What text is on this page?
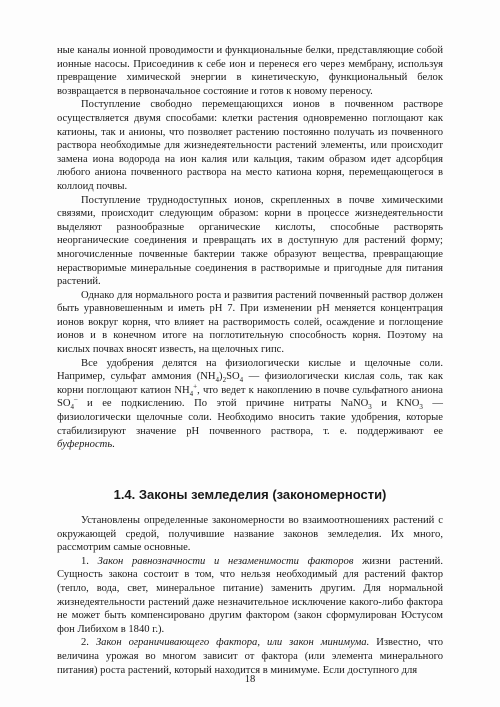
ные каналы ионной проводимости и функциональные белки, представляющие собой ионные насосы. Присоединив к себе ион и перенеся его через мембрану, используя превращение химической энергии в кинетическую, функциональный белок возвращается в первоначальное состояние и готов к новому переносу.

Поступление свободно перемещающихся ионов в почвенном растворе осуществляется двумя способами: клетки растения одновременно поглощают как катионы, так и анионы, что позволяет растению постоянно получать из почвенного раствора необходимые для жизнедеятельности растений элементы, или происходит замена иона водорода на ион калия или кальция, таким образом идет адсорбция любого аниона почвенного раствора на место катиона корня, перемещающегося в коллоид почвы.

Поступление труднодоступных ионов, скрепленных в почве химическими связями, происходит следующим образом: корни в процессе жизнедеятельности выделяют разнообразные органические кислоты, способные растворять неорганические соединения и превращать их в доступную для растений форму; многочисленные почвенные бактерии также образуют вещества, превращающие нерастворимые минеральные соединения в растворимые и пригодные для питания растений.

Однако для нормального роста и развития растений почвенный раствор должен быть уравновешенным и иметь рН 7. При изменении рН меняется концентрация ионов вокруг корня, что влияет на растворимость солей, осаждение и поглощение ионов и в конечном итоге на поглотительную способность корня. Поэтому на кислых почвах вносят известь, на щелочных гипс.

Все удобрения делятся на физиологически кислые и щелочные соли. Например, сульфат аммония $(NH_4)_2SO_4$ — физиологически кислая соль, так как корни поглощают катион $NH_4^+$, что ведет к накоплению в почве сульфатного аниона $SO_4^-$ и ее подкислению. По этой причине нитраты NaNO$_3$ и $KNO_3$ — физиологически щелочные соли. Необходимо вносить такие удобрения, которые стабилизируют значение рН почвенного раствора, т. е. поддерживают ее буферность.

1.4. Законы земледелия (закономерности)

Установлены определенные закономерности во взаимоотношениях растений с окружающей средой, получившие название законов земледелия. Их много, рассмотрим самые основные.

1. Закон равнозначности и незаменимости факторов жизни растений. Сущность закона состоит в том, что нельзя необходимый для растений фактор (тепло, вода, свет, минеральное питание) заменить другим. Для нормальной жизнедеятельности растений даже незначительное исключение какого-либо фактора не может быть компенсировано другим фактором (закон сформулирован Юстусом фон Либихом в 1840 г.).

2. Закон ограничивающего фактора, или закон минимума. Известно, что величина урожая во многом зависит от фактора (или элемента минерального питания) роста растений, который находится в минимуме. Если доступного для

18
